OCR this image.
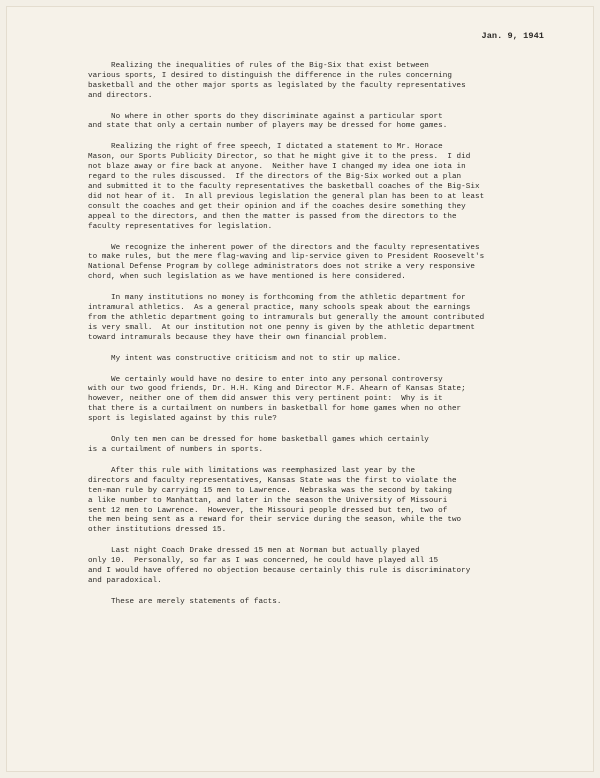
Jan. 9, 1941
Realizing the inequalities of rules of the Big-Six that exist between
various sports, I desired to distinguish the difference in the rules concerning
basketball and the other major sports as legislated by the faculty representatives
and directors.
No where in other sports do they discriminate against a particular sport
and state that only a certain number of players may be dressed for home games.
Realizing the right of free speech, I dictated a statement to Mr. Horace
Mason, our Sports Publicity Director, so that he might give it to the press.  I did
not blaze away or fire back at anyone.  Neither have I changed my idea one iota in
regard to the rules discussed.  If the directors of the Big-Six worked out a plan
and submitted it to the faculty representatives the basketball coaches of the Big-Six
did not hear of it.  In all previous legislation the general plan has been to at least
consult the coaches and get their opinion and if the coaches desire something they
appeal to the directors, and then the matter is passed from the directors to the
faculty representatives for legislation.
We recognize the inherent power of the directors and the faculty representatives
to make rules, but the mere flag-waving and lip-service given to President Roosevelt's
National Defense Program by college administrators does not strike a very responsive
chord, when such legislation as we have mentioned is here considered.
In many institutions no money is forthcoming from the athletic department for
intramural athletics.  As a general practice, many schools speak about the earnings
from the athletic department going to intramurals but generally the amount contributed
is very small.  At our institution not one penny is given by the athletic department
toward intramurals because they have their own financial problem.
My intent was constructive criticism and not to stir up malice.
We certainly would have no desire to enter into any personal controversy
with our two good friends, Dr. H.H. King and Director M.F. Ahearn of Kansas State;
however, neither one of them did answer this very pertinent point:  Why is it
that there is a curtailment on numbers in basketball for home games when no other
sport is legislated against by this rule?
Only ten men can be dressed for home basketball games which certainly
is a curtailment of numbers in sports.
After this rule with limitations was reemphasized last year by the
directors and faculty representatives, Kansas State was the first to violate the
ten-man rule by carrying 15 men to Lawrence.  Nebraska was the second by taking
a like number to Manhattan, and later in the season the University of Missouri
sent 12 men to Lawrence.  However, the Missouri people dressed but ten, two of
the men being sent as a reward for their service during the season, while the two
other institutions dressed 15.
Last night Coach Drake dressed 15 men at Norman but actually played
only 10.  Personally, so far as I was concerned, he could have played all 15
and I would have offered no objection because certainly this rule is discriminatory
and paradoxical.
These are merely statements of facts.
